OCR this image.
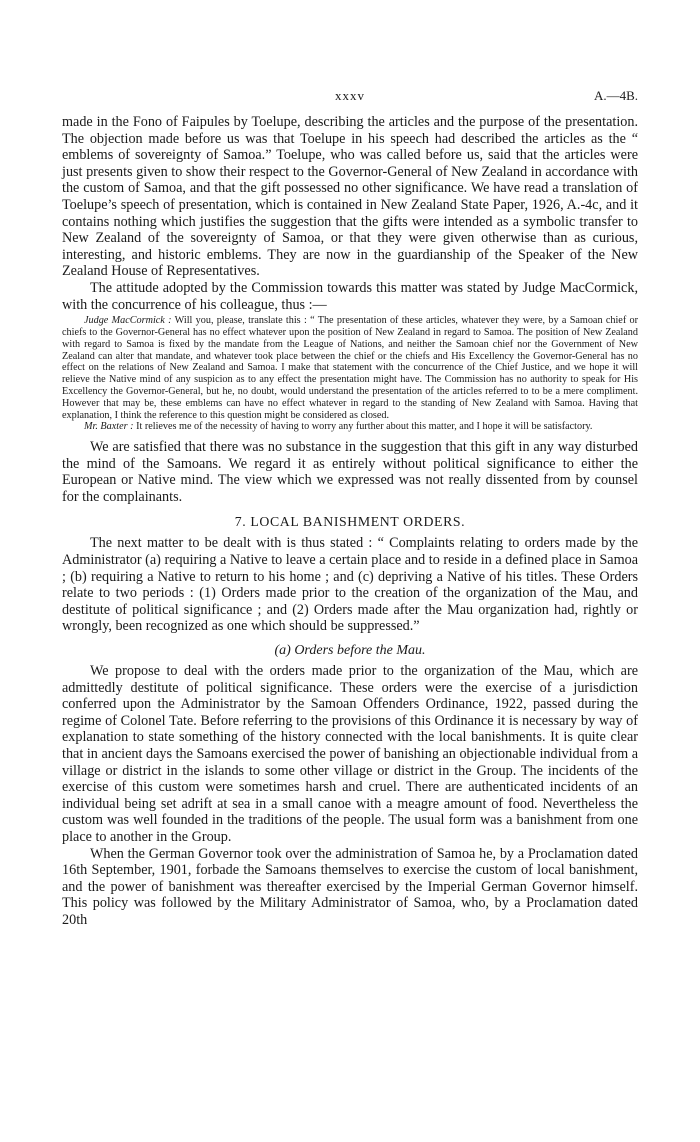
xxxv	A.—4B.

made in the Fono of Faipules by Toelupe, describing the articles and the purpose of the presentation. The objection made before us was that Toelupe in his speech had described the articles as the “ emblems of sovereignty of Samoa.” Toelupe, who was called before us, said that the articles were just presents given to show their respect to the Governor-General of New Zealand in accordance with the custom of Samoa, and that the gift possessed no other significance. We have read a translation of Toelupe’s speech of presentation, which is contained in New Zealand State Paper, 1926, A.-4c, and it contains nothing which justifies the suggestion that the gifts were intended as a symbolic transfer to New Zealand of the sovereignty of Samoa, or that they were given otherwise than as curious, interesting, and historic emblems. They are now in the guardianship of the Speaker of the New Zealand House of Representatives.

The attitude adopted by the Commission towards this matter was stated by Judge MacCormick, with the concurrence of his colleague, thus :—

Judge MacCormick : Will you, please, translate this : “ The presentation of these articles, whatever they were, by a Samoan chief or chiefs to the Governor-General has no effect whatever upon the position of New Zealand in regard to Samoa. The position of New Zealand with regard to Samoa is fixed by the mandate from the League of Nations, and neither the Samoan chief nor the Government of New Zealand can alter that mandate, and whatever took place between the chief or the chiefs and His Excellency the Governor-General has no effect on the relations of New Zealand and Samoa. I make that statement with the concurrence of the Chief Justice, and we hope it will relieve the Native mind of any suspicion as to any effect the presentation might have. The Commission has no authority to speak for His Excellency the Governor-General, but he, no doubt, would understand the presentation of the articles referred to to be a mere compliment. However that may be, these emblems can have no effect whatever in regard to the standing of New Zealand with Samoa. Having that explanation, I think the reference to this question might be considered as closed.

Mr. Baxter : It relieves me of the necessity of having to worry any further about this matter, and I hope it will be satisfactory.

We are satisfied that there was no substance in the suggestion that this gift in any way disturbed the mind of the Samoans. We regard it as entirely without political significance to either the European or Native mind. The view which we expressed was not really dissented from by counsel for the complainants.

7. LOCAL BANISHMENT ORDERS.

The next matter to be dealt with is thus stated : “ Complaints relating to orders made by the Administrator (a) requiring a Native to leave a certain place and to reside in a defined place in Samoa ; (b) requiring a Native to return to his home ; and (c) depriving a Native of his titles. These Orders relate to two periods : (1) Orders made prior to the creation of the organization of the Mau, and destitute of political significance ; and (2) Orders made after the Mau organization had, rightly or wrongly, been recognized as one which should be suppressed.”

(a) Orders before the Mau.

We propose to deal with the orders made prior to the organization of the Mau, which are admittedly destitute of political significance. These orders were the exercise of a jurisdiction conferred upon the Administrator by the Samoan Offenders Ordinance, 1922, passed during the regime of Colonel Tate. Before referring to the provisions of this Ordinance it is necessary by way of explanation to state something of the history connected with the local banishments. It is quite clear that in ancient days the Samoans exercised the power of banishing an objectionable individual from a village or district in the islands to some other village or district in the Group. The incidents of the exercise of this custom were sometimes harsh and cruel. There are authenticated incidents of an individual being set adrift at sea in a small canoe with a meagre amount of food. Nevertheless the custom was well founded in the traditions of the people. The usual form was a banishment from one place to another in the Group.

When the German Governor took over the administration of Samoa he, by a Proclamation dated 16th September, 1901, forbade the Samoans themselves to exercise the custom of local banishment, and the power of banishment was thereafter exercised by the Imperial German Governor himself. This policy was followed by the Military Administrator of Samoa, who, by a Proclamation dated 20th
